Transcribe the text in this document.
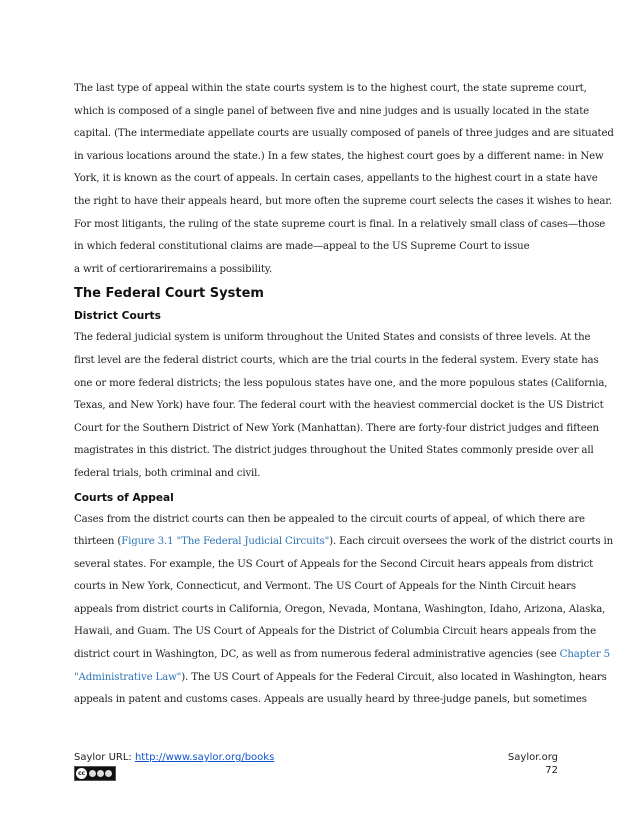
The last type of appeal within the state courts system is to the highest court, the state supreme court,
which is composed of a single panel of between five and nine judges and is usually located in the state
capital. (The intermediate appellate courts are usually composed of panels of three judges and are situated
in various locations around the state.) In a few states, the highest court goes by a different name: in New
York, it is known as the court of appeals. In certain cases, appellants to the highest court in a state have
the right to have their appeals heard, but more often the supreme court selects the cases it wishes to hear.
For most litigants, the ruling of the state supreme court is final. In a relatively small class of cases—those
in which federal constitutional claims are made—appeal to the US Supreme Court to issue
a writ of certiorariremains a possibility.

The Federal Court System
District Courts

The federal judicial system is uniform throughout the United States and consists of three levels. At the
first level are the federal district courts, which are the trial courts in the federal system. Every state has
one or more federal districts; the less populous states have one, and the more populous states (California,
Texas, and New York) have four. The federal court with the heaviest commercial docket is the US District
Court for the Southern District of New York (Manhattan). There are forty-four district judges and fifteen
magistrates in this district. The district judges throughout the United States commonly preside over all
federal trials, both criminal and civil.

Courts of Appeal

Cases from the district courts can then be appealed to the circuit courts of appeal, of which there are
thirteen (Figure 3.1 "The Federal Judicial Circuits"). Each circuit oversees the work of the district courts in
several states. For example, the US Court of Appeals for the Second Circuit hears appeals from district
courts in New York, Connecticut, and Vermont. The US Court of Appeals for the Ninth Circuit hears
appeals from district courts in California, Oregon, Nevada, Montana, Washington, Idaho, Arizona, Alaska,
Hawaii, and Guam. The US Court of Appeals for the District of Columbia Circuit hears appeals from the
district court in Washington, DC, as well as from numerous federal administrative agencies (see Chapter 5
"Administrative Law"). The US Court of Appeals for the Federal Circuit, also located in Washington, hears
appeals in patent and customs cases. Appeals are usually heard by three-judge panels, but sometimes

Saylor URL: http://www.saylor.org/books
cc
Saylor.org
72
